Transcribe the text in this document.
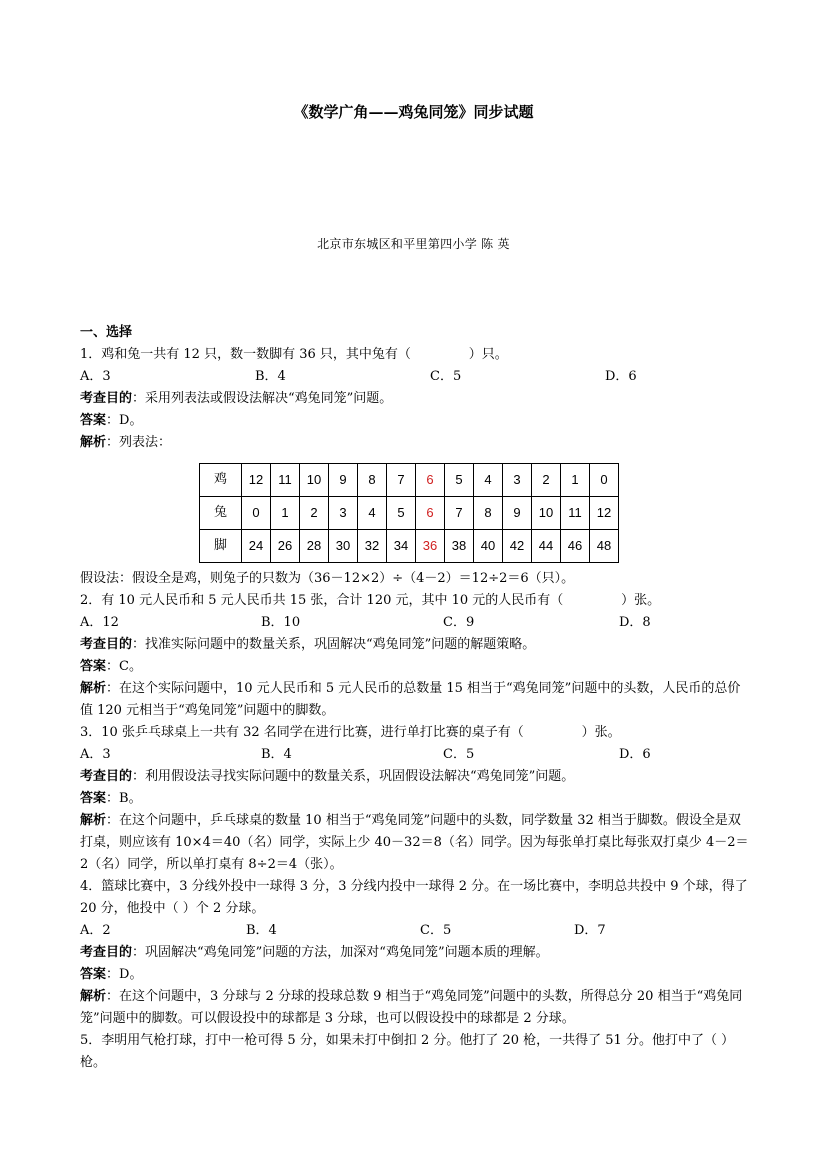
《数学广角——鸡兔同笼》同步试题
北京市东城区和平里第四小学 陈 英
一、选择
1．鸡和兔一共有 12 只，数一数脚有 36 只，其中兔有（              ）只。
A．3	B．4	C．5	D．6
考查目的：采用列表法或假设法解决“鸡兔同笼”问题。
答案：D。
解析：列表法：
鸡	12	11	10	9	8	7	6	5	4	3	2	1	0
兔	0	1	2	3	4	5	6	7	8	9	10	11	12
脚	24	26	28	30	32	34	36	38	40	42	44	46	48
假设法：假设全是鸡，则兔子的只数为（36－12×2）÷（4－2）＝12÷2＝6（只）。
2．有 10 元人民币和 5 元人民币共 15 张，合计 120 元，其中 10 元的人民币有（              ）张。
A．12	B．10	C．9	D．8
考查目的：找准实际问题中的数量关系，巩固解决“鸡兔同笼”问题的解题策略。
答案：C。
解析：在这个实际问题中，10 元人民币和 5 元人民币的总数量 15 相当于“鸡兔同笼”问题中的头数，人民币的总价值 120 元相当于“鸡兔同笼”问题中的脚数。
3．10 张乒乓球桌上一共有 32 名同学在进行比赛，进行单打比赛的桌子有（              ）张。
A．3	B．4	C．5	D．6
考查目的：利用假设法寻找实际问题中的数量关系，巩固假设法解决“鸡兔同笼”问题。
答案：B。
解析：在这个问题中，乒乓球桌的数量 10 相当于“鸡兔同笼”问题中的头数，同学数量 32 相当于脚数。假设全是双打桌，则应该有 10×4＝40（名）同学，实际上少 40－32＝8（名）同学。因为每张单打桌比每张双打桌少 4－2＝2（名）同学，所以单打桌有 8÷2＝4（张）。
4．篮球比赛中，3 分线外投中一球得 3 分，3 分线内投中一球得 2 分。在一场比赛中，李明总共投中 9 个球，得了 20 分，他投中（ ）个 2 分球。
A．2	B．4	C．5	D．7
考查目的：巩固解决“鸡兔同笼”问题的方法，加深对“鸡兔同笼”问题本质的理解。
答案：D。
解析：在这个问题中，3 分球与 2 分球的投球总数 9 相当于“鸡兔同笼”问题中的头数，所得总分 20 相当于“鸡兔同笼”问题中的脚数。可以假设投中的球都是 3 分球，也可以假设投中的球都是 2 分球。
5．李明用气枪打球，打中一枪可得 5 分，如果未打中倒扣 2 分。他打了 20 枪，一共得了 51 分。他打中了（ ）枪。
